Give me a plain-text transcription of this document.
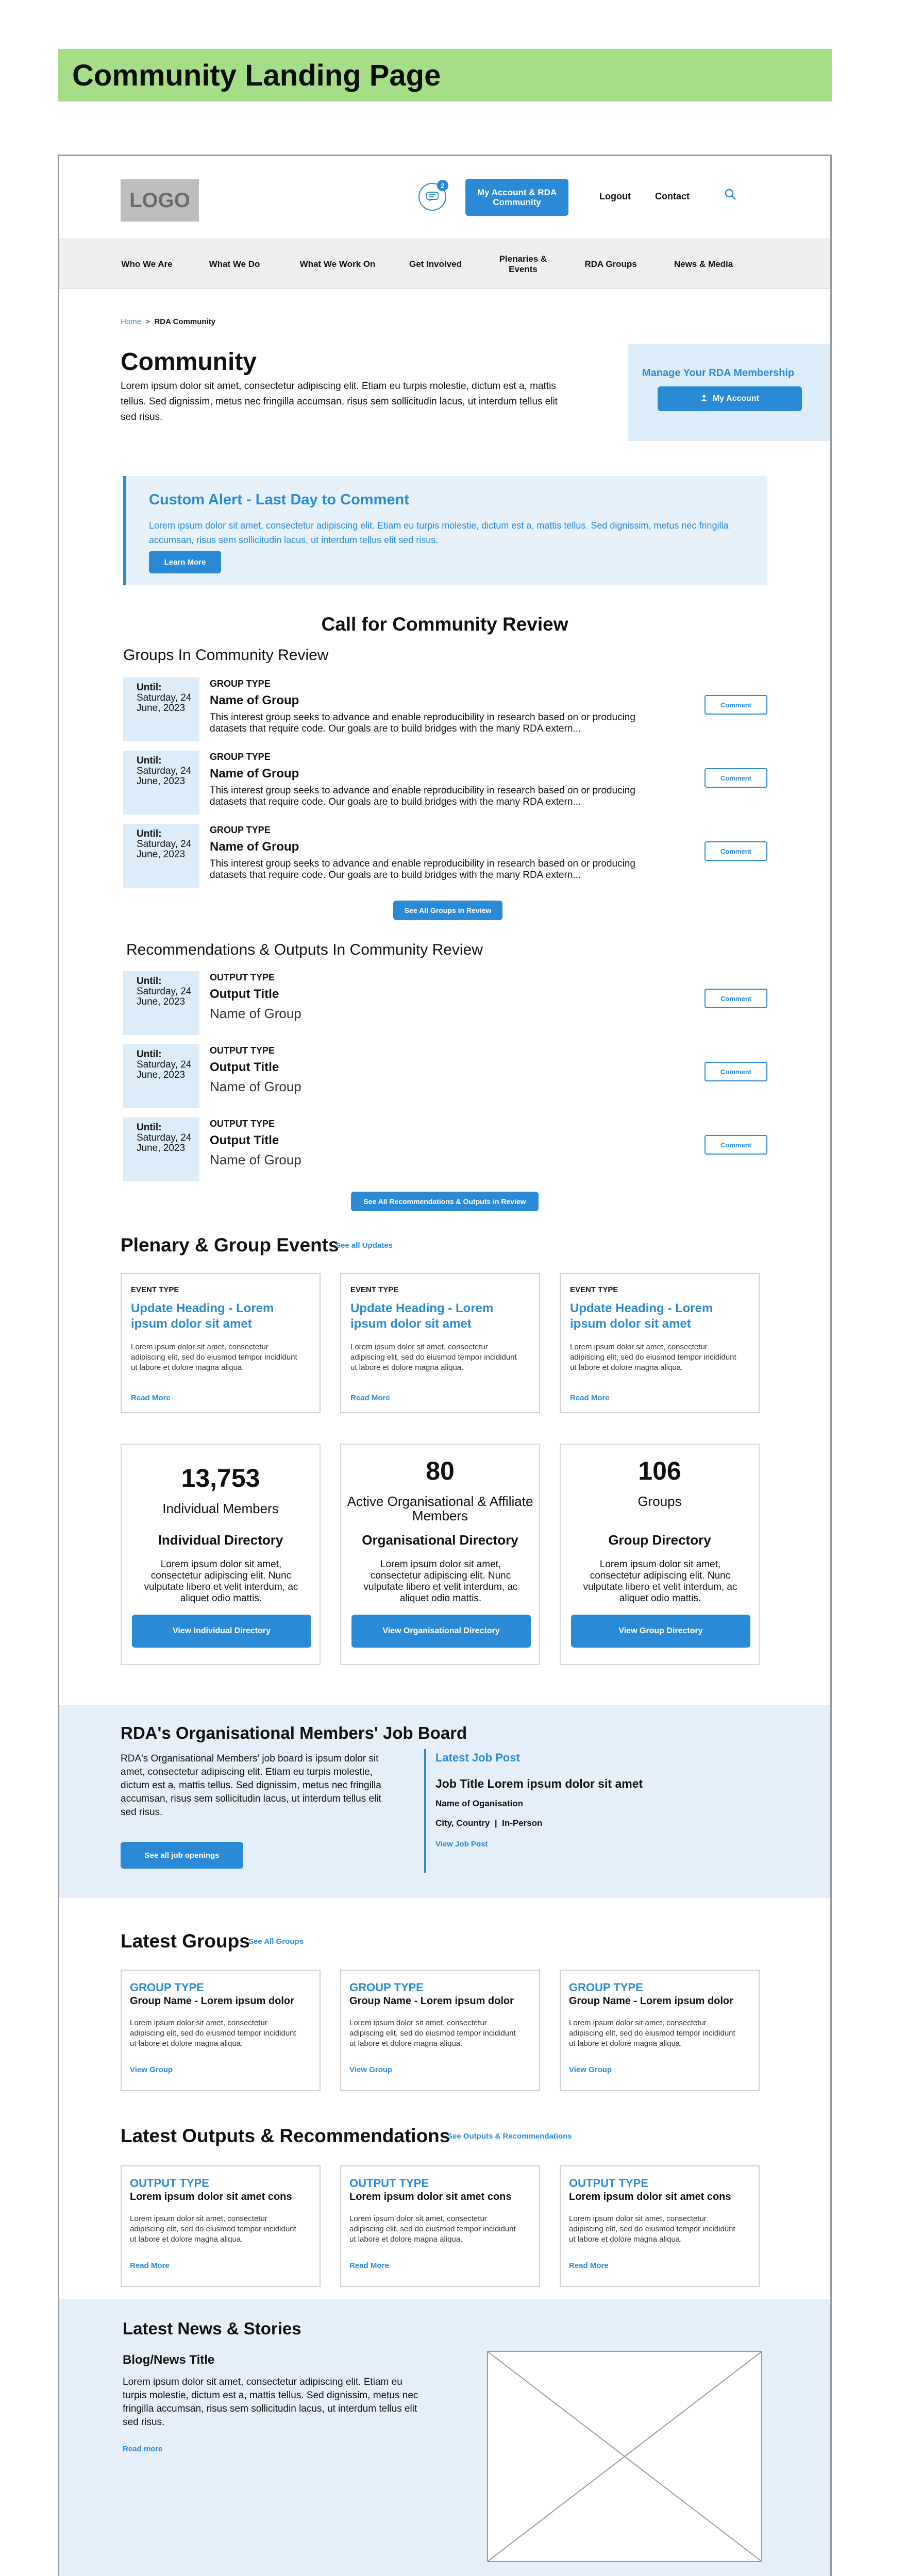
Community Landing Page
LOGO
2
My Account & RDA Community
Logout	Contact
Who We Are	What We Do	What We Work On	Get Involved
Plenaries & Events
RDA Groups	News & Media
Home > RDA Community
Community
Lorem ipsum dolor sit amet, consectetur adipiscing elit. Etiam eu turpis molestie, dictum est a, mattis tellus. Sed dignissim, metus nec fringilla accumsan, risus sem sollicitudin lacus, ut interdum tellus elit sed risus.
Manage Your RDA Membership
My Account
Custom Alert - Last Day to Comment
Lorem ipsum dolor sit amet, consectetur adipiscing elit. Etiam eu turpis molestie, dictum est a, mattis tellus. Sed dignissim, metus nec fringilla accumsan, risus sem sollicitudin lacus, ut interdum tellus elit sed risus.
Learn More
Call for Community Review
Groups In Community Review
Until:
Saturday, 24 June, 2023
GROUP TYPE
Name of Group
This interest group seeks to advance and enable reproducibility in research based on or producing datasets that require code. Our goals are to build bridges with the many RDA extern...
Comment
Until:
Saturday, 24 June, 2023
GROUP TYPE
Name of Group
This interest group seeks to advance and enable reproducibility in research based on or producing datasets that require code. Our goals are to build bridges with the many RDA extern...
Comment
Until:
Saturday, 24 June, 2023
GROUP TYPE
Name of Group
This interest group seeks to advance and enable reproducibility in research based on or producing datasets that require code. Our goals are to build bridges with the many RDA extern...
Comment
See All Groups in Review
Recommendations & Outputs In Community Review
Until:
Saturday, 24 June, 2023
OUTPUT TYPE
Output Title
Name of Group
Comment
Until:
Saturday, 24 June, 2023
OUTPUT TYPE
Output Title
Name of Group
Comment
Until:
Saturday, 24 June, 2023
OUTPUT TYPE
Output Title
Name of Group
Comment
See All Recommendations & Outputs in Review
Plenary & Group Events
See all Updates
EVENT TYPE
Update Heading - Lorem ipsum dolor sit amet
Lorem ipsum dolor sit amet, consectetur adipiscing elit, sed do eiusmod tempor incididunt ut labore et dolore magna aliqua.
Read More
EVENT TYPE
Update Heading - Lorem ipsum dolor sit amet
Lorem ipsum dolor sit amet, consectetur adipiscing elit, sed do eiusmod tempor incididunt ut labore et dolore magna aliqua.
Read More
EVENT TYPE
Update Heading - Lorem ipsum dolor sit amet
Lorem ipsum dolor sit amet, consectetur adipiscing elit, sed do eiusmod tempor incididunt ut labore et dolore magna aliqua.
Read More
13,753
Individual Members
Individual Directory
Lorem ipsum dolor sit amet, consectetur adipiscing elit. Nunc vulputate libero et velit interdum, ac aliquet odio mattis.
View Individual Directory
80
Active Organisational & Affiliate Members
Organisational Directory
Lorem ipsum dolor sit amet, consectetur adipiscing elit. Nunc vulputate libero et velit interdum, ac aliquet odio mattis.
View Organisational Directory
106
Groups
Group Directory
Lorem ipsum dolor sit amet, consectetur adipiscing elit. Nunc vulputate libero et velit interdum, ac aliquet odio mattis.
View Group Directory
RDA's Organisational Members' Job Board
RDA's Organisational Members' job board is ipsum dolor sit amet, consectetur adipiscing elit. Etiam eu turpis molestie, dictum est a, mattis tellus. Sed dignissim, metus nec fringilla accumsan, risus sem sollicitudin lacus, ut interdum tellus elit sed risus.
See all job openings
Latest Job Post
Job Title Lorem ipsum dolor sit amet
Name of Oganisation
City, Country  |  In-Person
View Job Post
Latest Groups
See All Groups
GROUP TYPE
Group Name - Lorem ipsum dolor
Lorem ipsum dolor sit amet, consectetur adipiscing elit, sed do eiusmod tempor incididunt ut labore et dolore magna aliqua.
View Group
GROUP TYPE
Group Name - Lorem ipsum dolor
Lorem ipsum dolor sit amet, consectetur adipiscing elit, sed do eiusmod tempor incididunt ut labore et dolore magna aliqua.
View Group
GROUP TYPE
Group Name - Lorem ipsum dolor
Lorem ipsum dolor sit amet, consectetur adipiscing elit, sed do eiusmod tempor incididunt ut labore et dolore magna aliqua.
View Group
Latest Outputs & Recommendations
See Outputs & Recommendations
OUTPUT TYPE
Lorem ipsum dolor sit amet cons
Lorem ipsum dolor sit amet, consectetur adipiscing elit, sed do eiusmod tempor incididunt ut labore et dolore magna aliqua.
Read More
OUTPUT TYPE
Lorem ipsum dolor sit amet cons
Lorem ipsum dolor sit amet, consectetur adipiscing elit, sed do eiusmod tempor incididunt ut labore et dolore magna aliqua.
Read More
OUTPUT TYPE
Lorem ipsum dolor sit amet cons
Lorem ipsum dolor sit amet, consectetur adipiscing elit, sed do eiusmod tempor incididunt ut labore et dolore magna aliqua.
Read More
Latest News & Stories
Blog/News Title
Lorem ipsum dolor sit amet, consectetur adipiscing elit. Etiam eu turpis molestie, dictum est a, mattis tellus. Sed dignissim, metus nec fringilla accumsan, risus sem sollicitudin lacus, ut interdum tellus elit sed risus.
Read more
